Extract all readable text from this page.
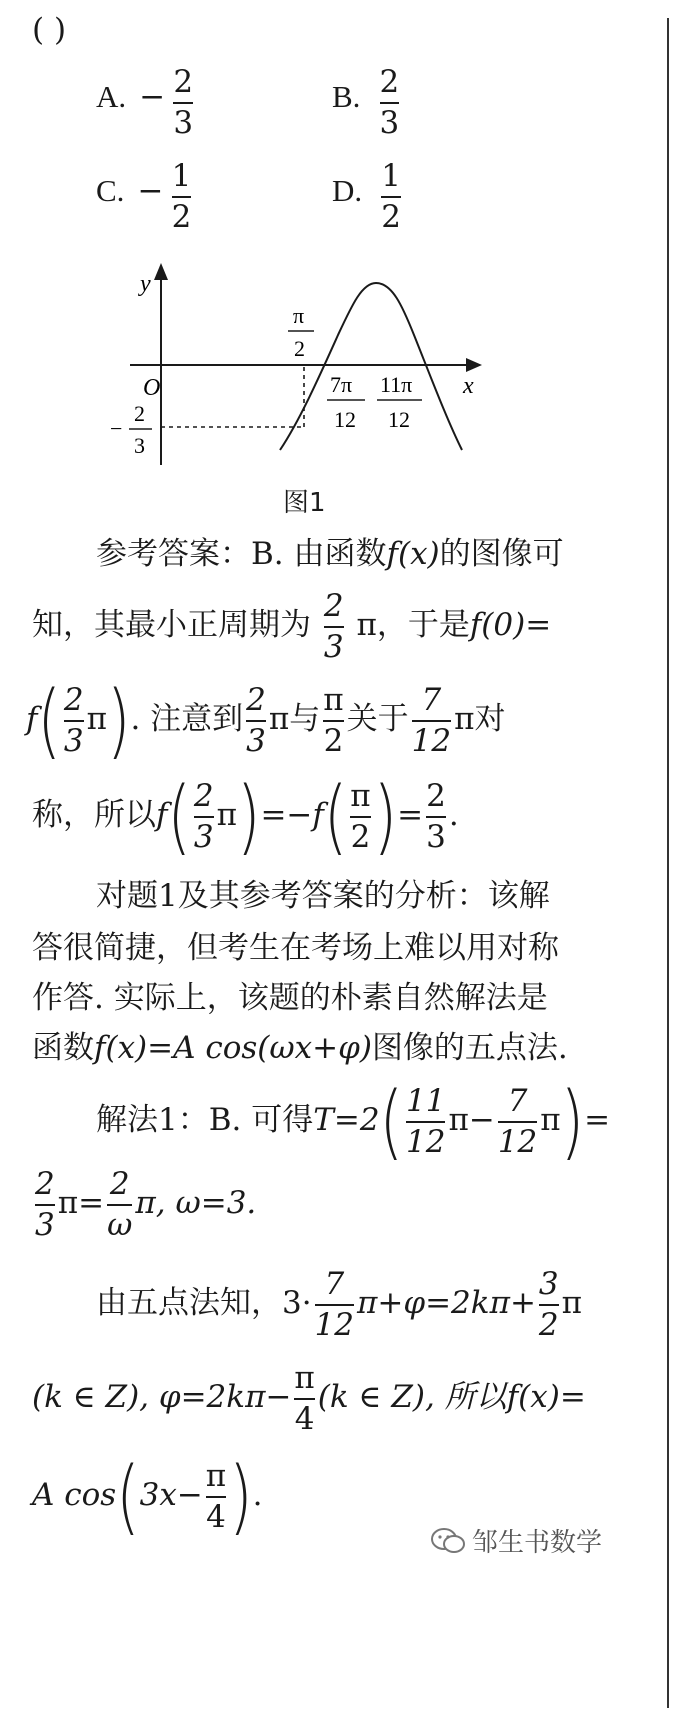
( )
A. − $\frac{2}{3}$	B. $\frac{2}{3}$
C. − $\frac{1}{2}$	D. $\frac{1}{2}$
y
x
O
π
2
7π
12
11π
12
−
2
3
图1
参考答案：B. 由函数f(x)的图像可
知，其最小正周期为 $\frac{2}{3}$ π，于是f(0)=
$f( \frac{2}{3} \pi)$. 注意到 $\frac{2}{3}$ π与 $\frac{\pi}{2}$ 关于 $\frac{7}{12}$ π对
称，所以$f( \frac{2}{3} \pi)=-f( \frac{\pi}{2}$ )= $\frac{2}{3}$ .
对题1及其参考答案的分析：该解
答很简捷，但考生在考场上难以用对称
作答. 实际上，该题的朴素自然解法是
函数f(x)=A cos(ωx+φ)图像的五点法.
解法1：B. 可得$T=2( \frac{11}{12} \pi- \frac{7}{12} \pi)=$
$\frac{2}{3} \pi= \frac{2}{\omega} \pi$, ω=3.
由五点法知，$3\cdot \frac{7}{12} \pi+\varphi=2k\pi+ \frac{3}{2}$ π
(k ∈ Z), $\varphi=2k\pi- \frac{\pi}{4} (k$ ∈ Z), 所以f(x)=
A $\cos(3x- \frac{\pi}{4}$ ).
邹生书数学
